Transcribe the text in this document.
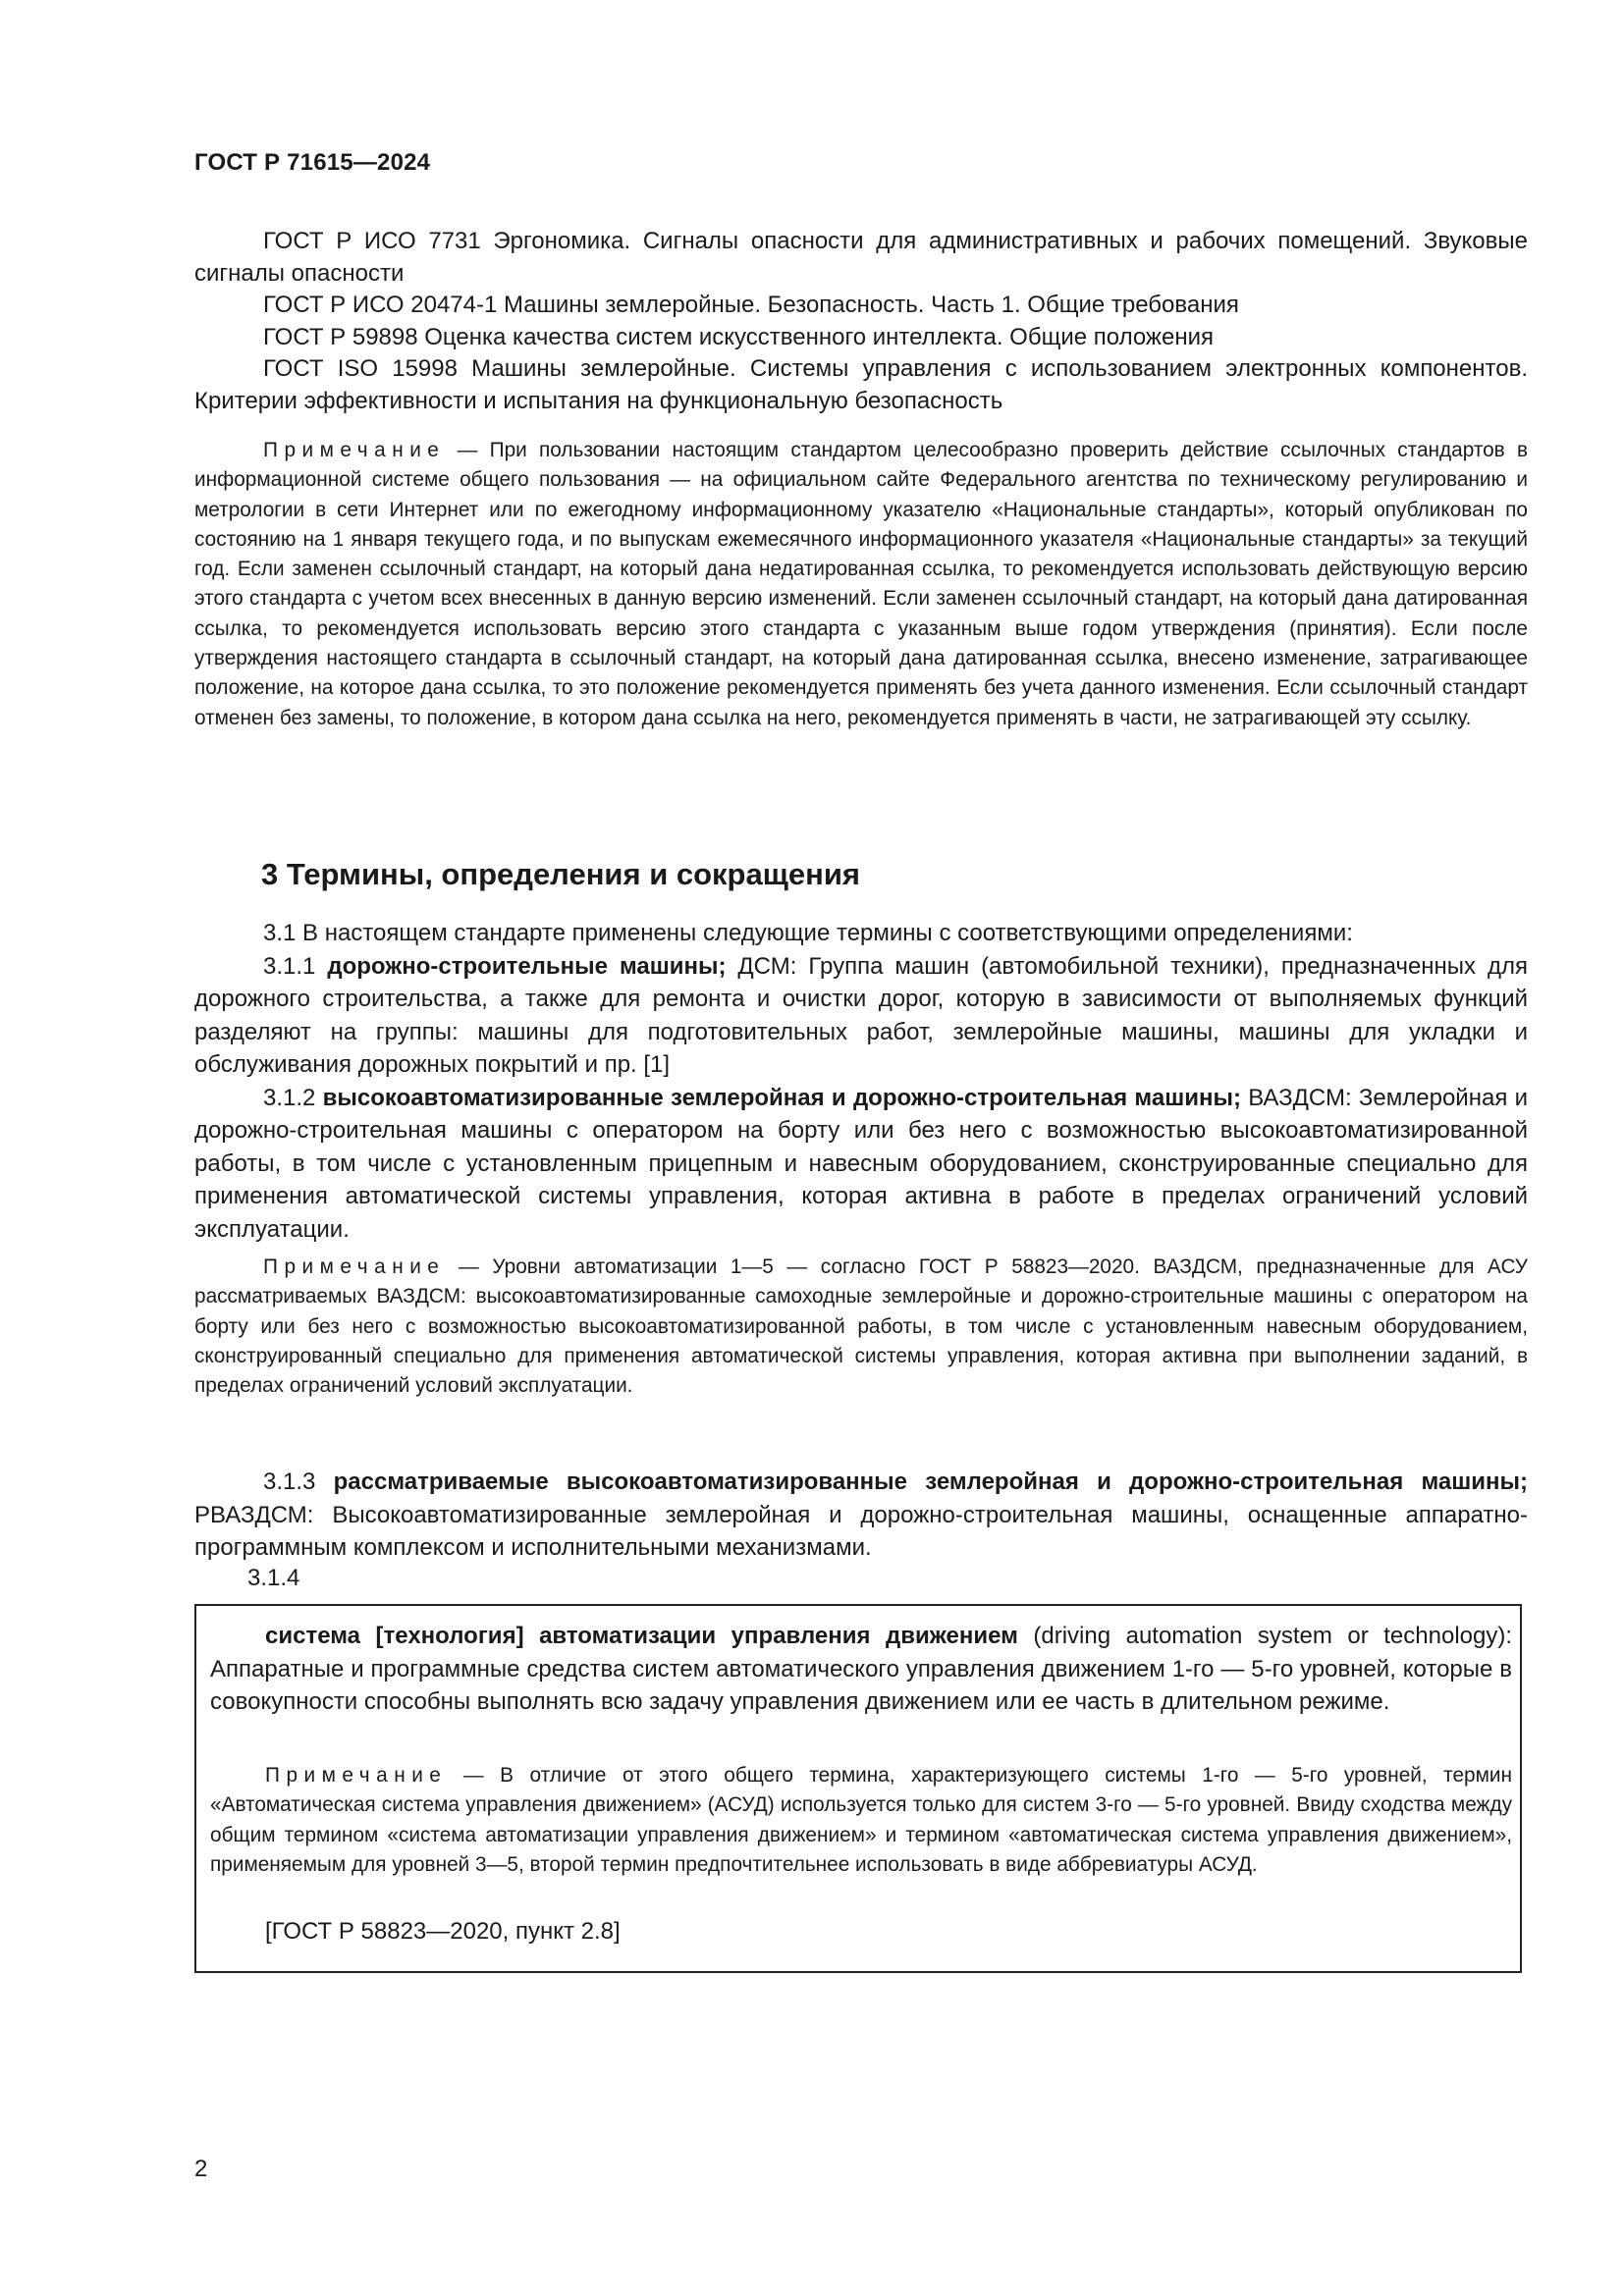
ГОСТ Р 71615—2024

ГОСТ Р ИСО 7731 Эргономика. Сигналы опасности для административных и рабочих помещений. Звуковые сигналы опасности

ГОСТ Р ИСО 20474-1 Машины землеройные. Безопасность. Часть 1. Общие требования

ГОСТ Р 59898 Оценка качества систем искусственного интеллекта. Общие положения

ГОСТ ISO 15998 Машины землеройные. Системы управления с использованием электронных компонентов. Критерии эффективности и испытания на функциональную безопасность

Примечание — При пользовании настоящим стандартом целесообразно проверить действие ссылочных стандартов в информационной системе общего пользования — на официальном сайте Федерального агентства по техническому регулированию и метрологии в сети Интернет или по ежегодному информационному указателю «Национальные стандарты», который опубликован по состоянию на 1 января текущего года, и по выпускам ежемесячного информационного указателя «Национальные стандарты» за текущий год. Если заменен ссылочный стандарт, на который дана недатированная ссылка, то рекомендуется использовать действующую версию этого стандарта с учетом всех внесенных в данную версию изменений. Если заменен ссылочный стандарт, на который дана датированная ссылка, то рекомендуется использовать версию этого стандарта с указанным выше годом утверждения (принятия). Если после утверждения настоящего стандарта в ссылочный стандарт, на который дана датированная ссылка, внесено изменение, затрагивающее положение, на которое дана ссылка, то это положение рекомендуется применять без учета данного изменения. Если ссылочный стандарт отменен без замены, то положение, в котором дана ссылка на него, рекомендуется применять в части, не затрагивающей эту ссылку.

3 Термины, определения и сокращения

3.1 В настоящем стандарте применены следующие термины с соответствующими определениями:

3.1.1 дорожно-строительные машины; ДСМ: Группа машин (автомобильной техники), предназначенных для дорожного строительства, а также для ремонта и очистки дорог, которую в зависимости от выполняемых функций разделяют на группы: машины для подготовительных работ, землеройные машины, машины для укладки и обслуживания дорожных покрытий и пр. [1]

3.1.2 высокоавтоматизированные землеройная и дорожно-строительная машины; ВАЗДСМ: Землеройная и дорожно-строительная машины с оператором на борту или без него с возможностью высокоавтоматизированной работы, в том числе с установленным прицепным и навесным оборудованием, сконструированные специально для применения автоматической системы управления, которая активна в работе в пределах ограничений условий эксплуатации.

Примечание — Уровни автоматизации 1—5 — согласно ГОСТ Р 58823—2020. ВАЗДСМ, предназначенные для АСУ рассматриваемых ВАЗДСМ: высокоавтоматизированные самоходные землеройные и дорожно-строительные машины с оператором на борту или без него с возможностью высокоавтоматизированной работы, в том числе с установленным навесным оборудованием, сконструированный специально для применения автоматической системы управления, которая активна при выполнении заданий, в пределах ограничений условий эксплуатации.

3.1.3 рассматриваемые высокоавтоматизированные землеройная и дорожно-строительная машины; РВАЗДСМ: Высокоавтоматизированные землеройная и дорожно-строительная машины, оснащенные аппаратно-программным комплексом и исполнительными механизмами.

3.1.4

система [технология] автоматизации управления движением (driving automation system or technology): Аппаратные и программные средства систем автоматического управления движением 1-го — 5-го уровней, которые в совокупности способны выполнять всю задачу управления движением или ее часть в длительном режиме.

Примечание — В отличие от этого общего термина, характеризующего системы 1-го — 5-го уровней, термин «Автоматическая система управления движением» (АСУД) используется только для систем 3-го — 5-го уровней. Ввиду сходства между общим термином «система автоматизации управления движением» и термином «автоматическая система управления движением», применяемым для уровней 3—5, второй термин предпочтительнее использовать в виде аббревиатуры АСУД.

[ГОСТ Р 58823—2020, пункт 2.8]

2
